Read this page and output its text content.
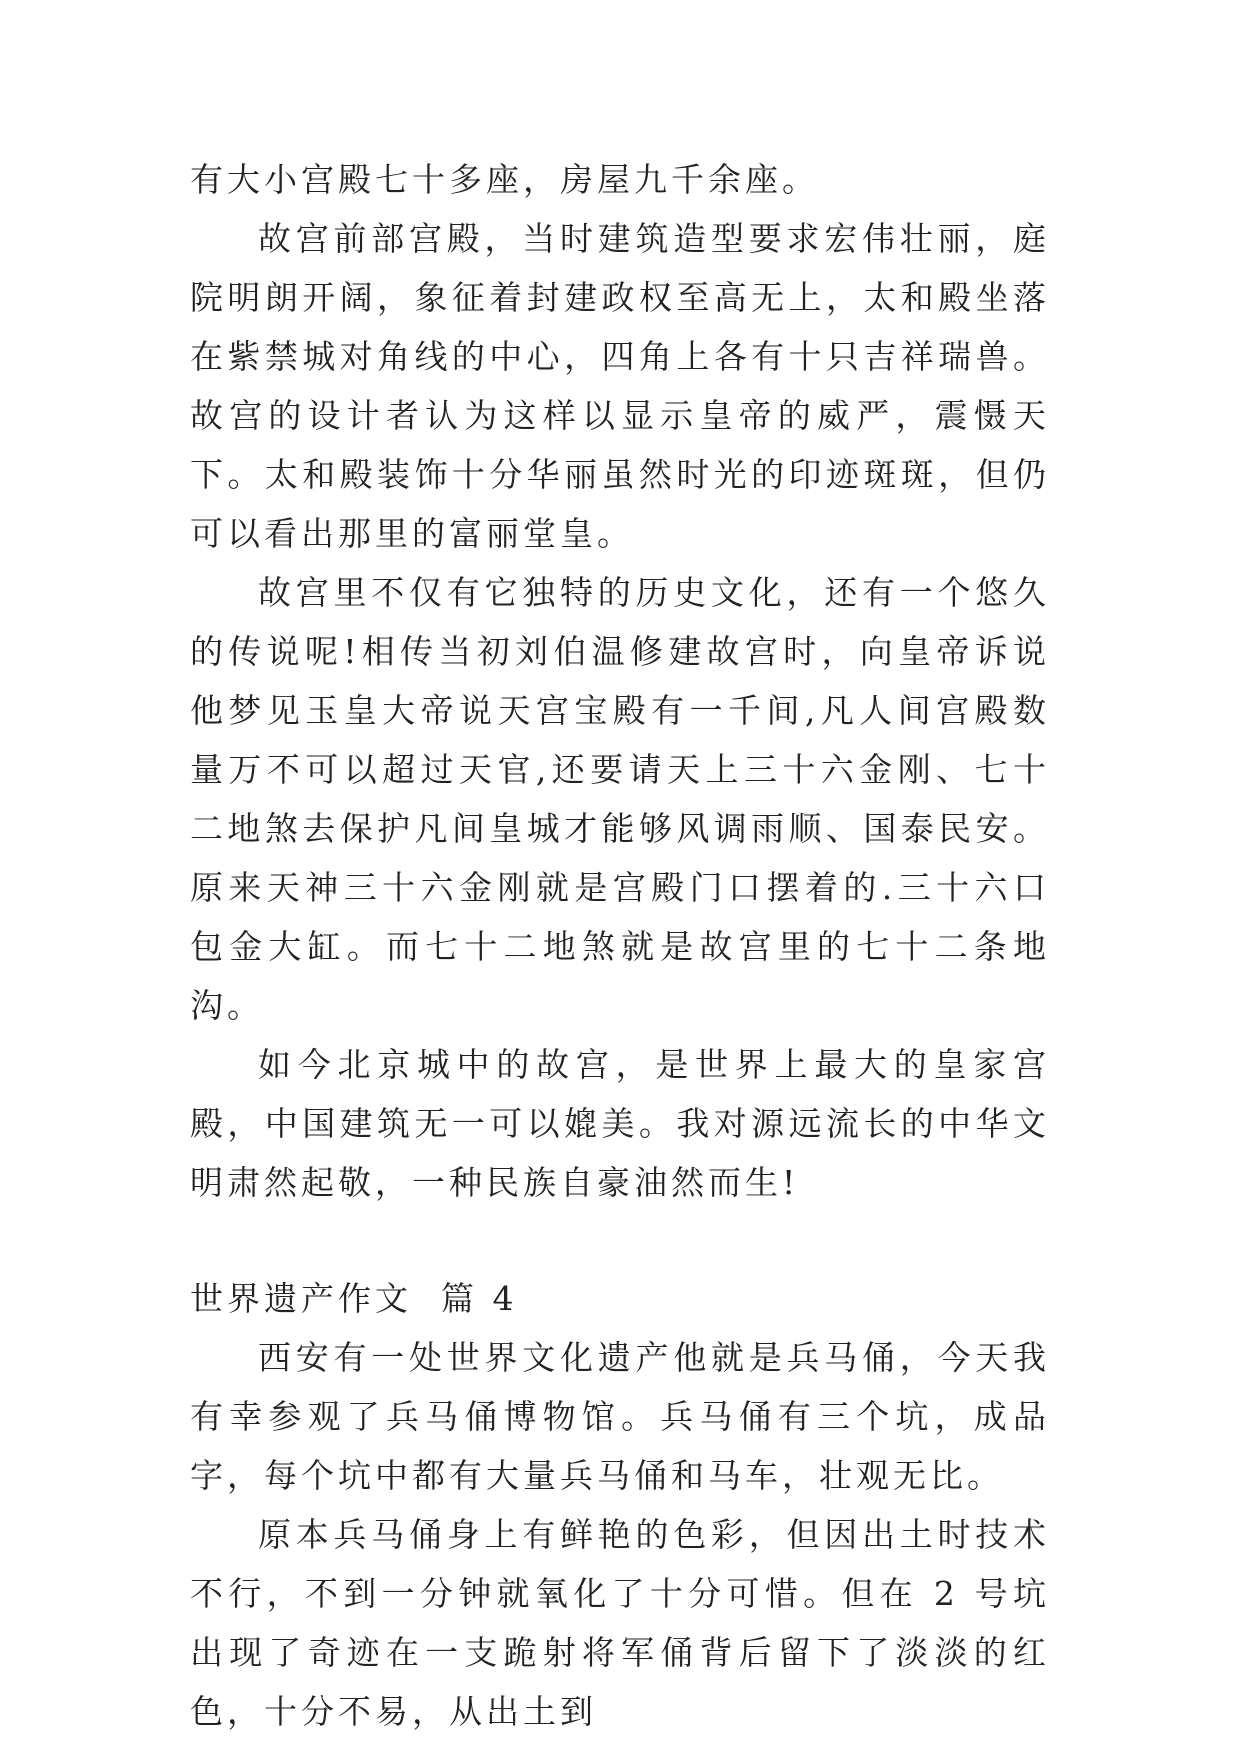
有大小宫殿七十多座，房屋九千余座。

故宫前部宫殿，当时建筑造型要求宏伟壮丽，庭院明朗开阔，象征着封建政权至高无上，太和殿坐落在紫禁城对角线的中心，四角上各有十只吉祥瑞兽。故宫的设计者认为这样以显示皇帝的威严，震慑天下。太和殿装饰十分华丽虽然时光的印迹斑斑，但仍可以看出那里的富丽堂皇。

故宫里不仅有它独特的历史文化，还有一个悠久的传说呢!相传当初刘伯温修建故宫时，向皇帝诉说他梦见玉皇大帝说天宫宝殿有一千间,凡人间宫殿数量万不可以超过天官,还要请天上三十六金刚、七十二地煞去保护凡间皇城才能够风调雨顺、国泰民安。原来天神三十六金刚就是宫殿门口摆着的.三十六口包金大缸。而七十二地煞就是故宫里的七十二条地沟。

如今北京城中的故宫，是世界上最大的皇家宫殿，中国建筑无一可以媲美。我对源远流长的中华文明肃然起敬，一种民族自豪油然而生!

世界遗产作文  篇 4

西安有一处世界文化遗产他就是兵马俑，今天我有幸参观了兵马俑博物馆。兵马俑有三个坑，成品字，每个坑中都有大量兵马俑和马车，壮观无比。

原本兵马俑身上有鲜艳的色彩，但因出土时技术不行，不到一分钟就氧化了十分可惜。但在 2 号坑出现了奇迹在一支跪射将军俑背后留下了淡淡的红色，十分不易，从出土到
